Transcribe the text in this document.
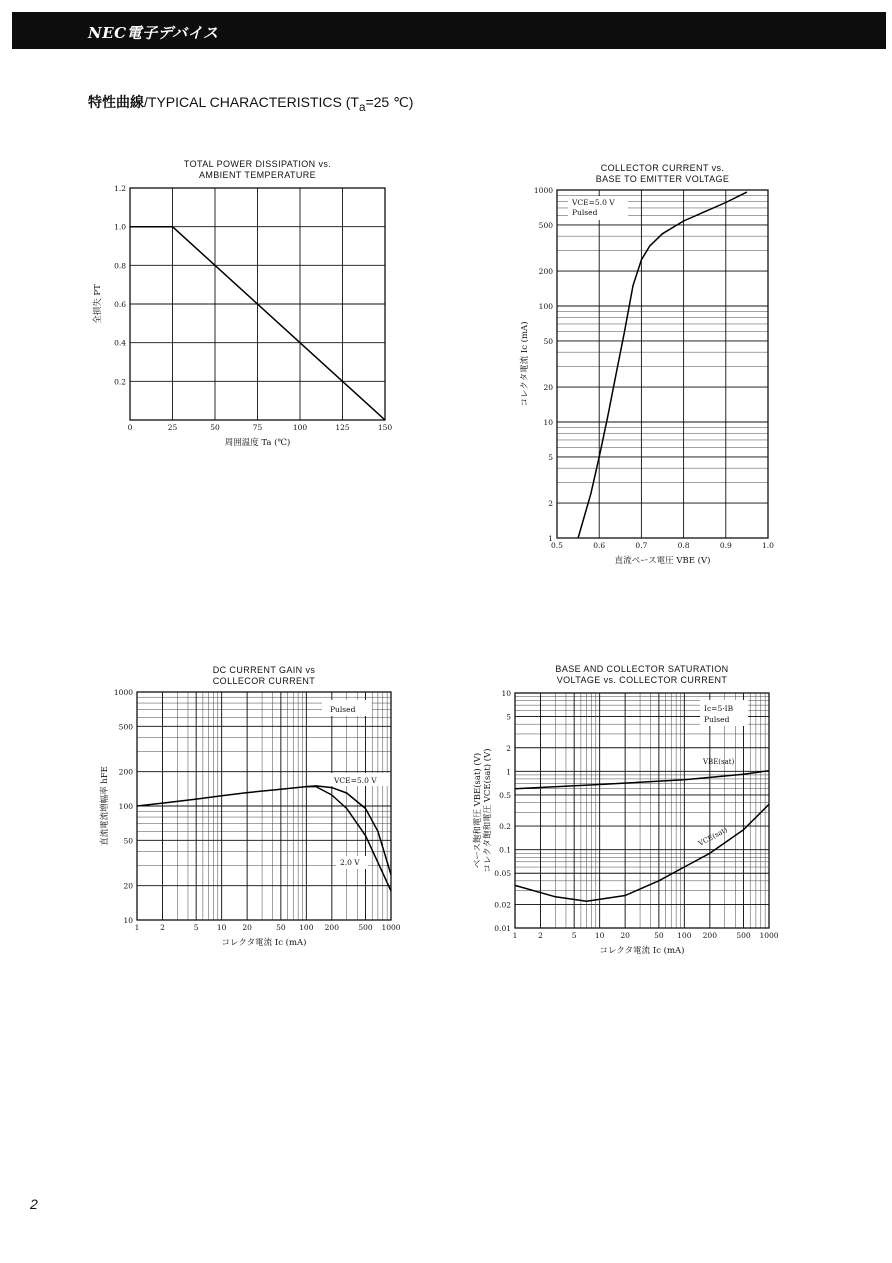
NEC電子デバイス
特性曲線/TYPICAL CHARACTERISTICS ($T_a=25$ ℃)
TOTAL POWER DISSIPATION vs.
AMBIENT TEMPERATURE
0	25	50	75	100	125	150
0.2
0.4
0.6
0.8
1.0
1.2
周囲温度 Ta (℃)
全損失 PT
COLLECTOR CURRENT vs.
BASE TO EMITTER VOLTAGE
0.5	0.6	0.7	0.8	0.9	1.0
1
2
5
10
20
50
100
200
500
1000
直流ベース電圧 VBE (V)
コレクタ電流 Ic (mA)
VCE=5.0 V
Pulsed
DC CURRENT GAIN vs
COLLECOR CURRENT
1	2	5 10 20	50 100 200	500 1000
10
20
50
100
200
500
1000
コレクタ電流 Ic (mA)
直流電流増幅率 hFE
Pulsed
VCE=5.0 V
2.0 V
BASE AND COLLECTOR SATURATION
VOLTAGE vs. COLLECTOR CURRENT
1	2	5 10 20	50 100 200	500 1000
0.01
0.02
0.05
0.1
0.2
0.5
1
2
5
10
コレクタ電流 Ic (mA)
ベース飽和電圧 VBE(sat) (V) コレクタ飽和電圧 VCE(sat) (V)
Ic=5·IB
Pulsed
VBE(sat)
VCE(sat)
2
